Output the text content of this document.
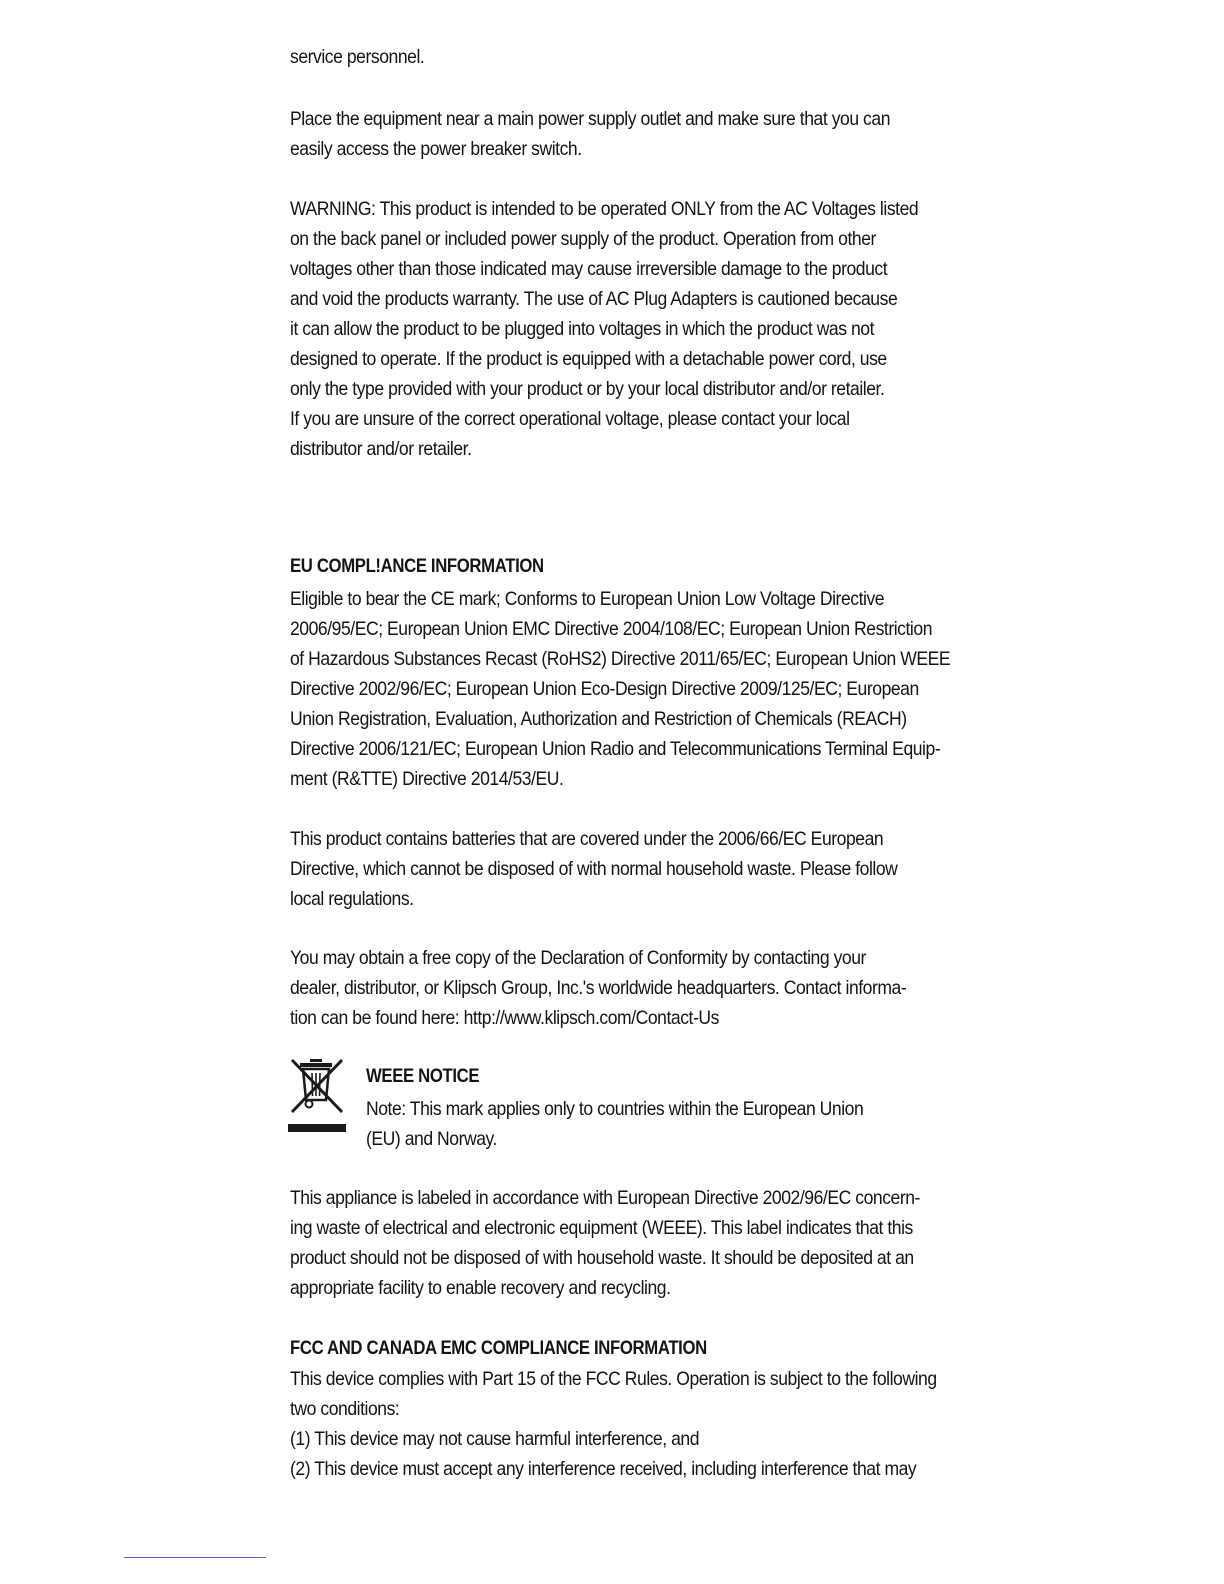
service personnel.

Place the equipment near a main power supply outlet and make sure that you can
easily access the power breaker switch.

WARNING: This product is intended to be operated ONLY from the AC Voltages listed
on the back panel or included power supply of the product. Operation from other
voltages other than those indicated may cause irreversible damage to the product
and void the products warranty. The use of AC Plug Adapters is cautioned because
it can allow the product to be plugged into voltages in which the product was not
designed to operate. If the product is equipped with a detachable power cord, use
only the type provided with your product or by your local distributor and/or retailer.
If you are unsure of the correct operational voltage, please contact your local
distributor and/or retailer.

EU COMPL!ANCE INFORMATION

Eligible to bear the CE mark; Conforms to European Union Low Voltage Directive
2006/95/EC; European Union EMC Directive 2004/108/EC; European Union Restriction
of Hazardous Substances Recast (RoHS2) Directive 2011/65/EC; European Union WEEE
Directive 2002/96/EC; European Union Eco-Design Directive 2009/125/EC; European
Union Registration, Evaluation, Authorization and Restriction of Chemicals (REACH)
Directive 2006/121/EC; European Union Radio and Telecommunications Terminal Equip-
ment (R&TTE) Directive 2014/53/EU.

This product contains batteries that are covered under the 2006/66/EC European
Directive, which cannot be disposed of with normal household waste. Please follow
local regulations.

You may obtain a free copy of the Declaration of Conformity by contacting your
dealer, distributor, or Klipsch Group, Inc.'s worldwide headquarters. Contact informa-
tion can be found here: http://www.klipsch.com/Contact-Us

WEEE NOTICE

Note: This mark applies only to countries within the European Union
(EU) and Norway.

This appliance is labeled in accordance with European Directive 2002/96/EC concern-
ing waste of electrical and electronic equipment (WEEE). This label indicates that this
product should not be disposed of with household waste. It should be deposited at an
appropriate facility to enable recovery and recycling.

FCC AND CANADA EMC COMPLIANCE INFORMATION

This device complies with Part 15 of the FCC Rules. Operation is subject to the following
two conditions:
(1) This device may not cause harmful interference, and
(2) This device must accept any interference received, including interference that may
